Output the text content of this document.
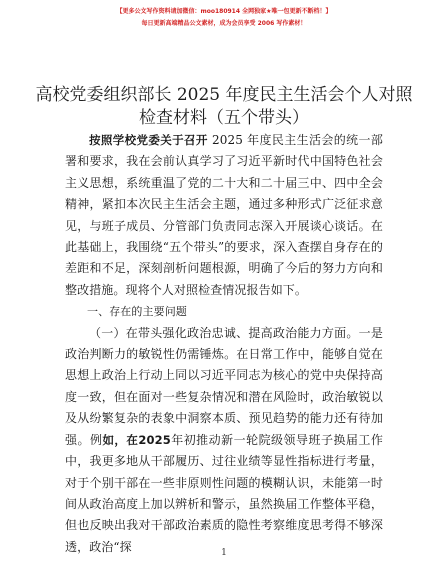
【更多公文写作资料请加微信：moo180914 全网独家★唯一包更新不断档！】
每日更新高端精品公文素材，成为会员享受 2006 写作素材！
高校党委组织部长 2025 年度民主生活会个人对照检查材料（五个带头）

按照学校党委关于召开 2025 年度民主生活会的统一部署和要求，我在会前认真学习了习近平新时代中国特色社会主义思想，系统重温了党的二十大和二十届三中、四中全会精神，紧扣本次民主生活会主题，通过多种形式广泛征求意见，与班子成员、分管部门负责同志深入开展谈心谈话。在此基础上，我围绕“五个带头”的要求，深入查摆自身存在的差距和不足，深刻剖析问题根源，明确了今后的努力方向和整改措施。现将个人对照检查情况报告如下。

一、存在的主要问题

（一）在带头强化政治忠诚、提高政治能力方面。一是政治判断力的敏锐性仍需锤炼。在日常工作中，能够自觉在思想上政治上行动上同以习近平同志为核心的党中央保持高度一致，但在面对一些复杂情况和潜在风险时，政治敏锐以及从纷繁复杂的表象中洞察本质、预见趋势的能力还有待加强。例如，在2025年初推动新一轮院级领导班子换届工作中，我更多地从干部履历、过往业绩等显性指标进行考量，对于个别干部在一些非原则性问题的模糊认识，未能第一时间从政治高度上加以辨析和警示，虽然换届工作整体平稳，但也反映出我对干部政治素质的隐性考察维度思考得不够深透，政治“探	1
